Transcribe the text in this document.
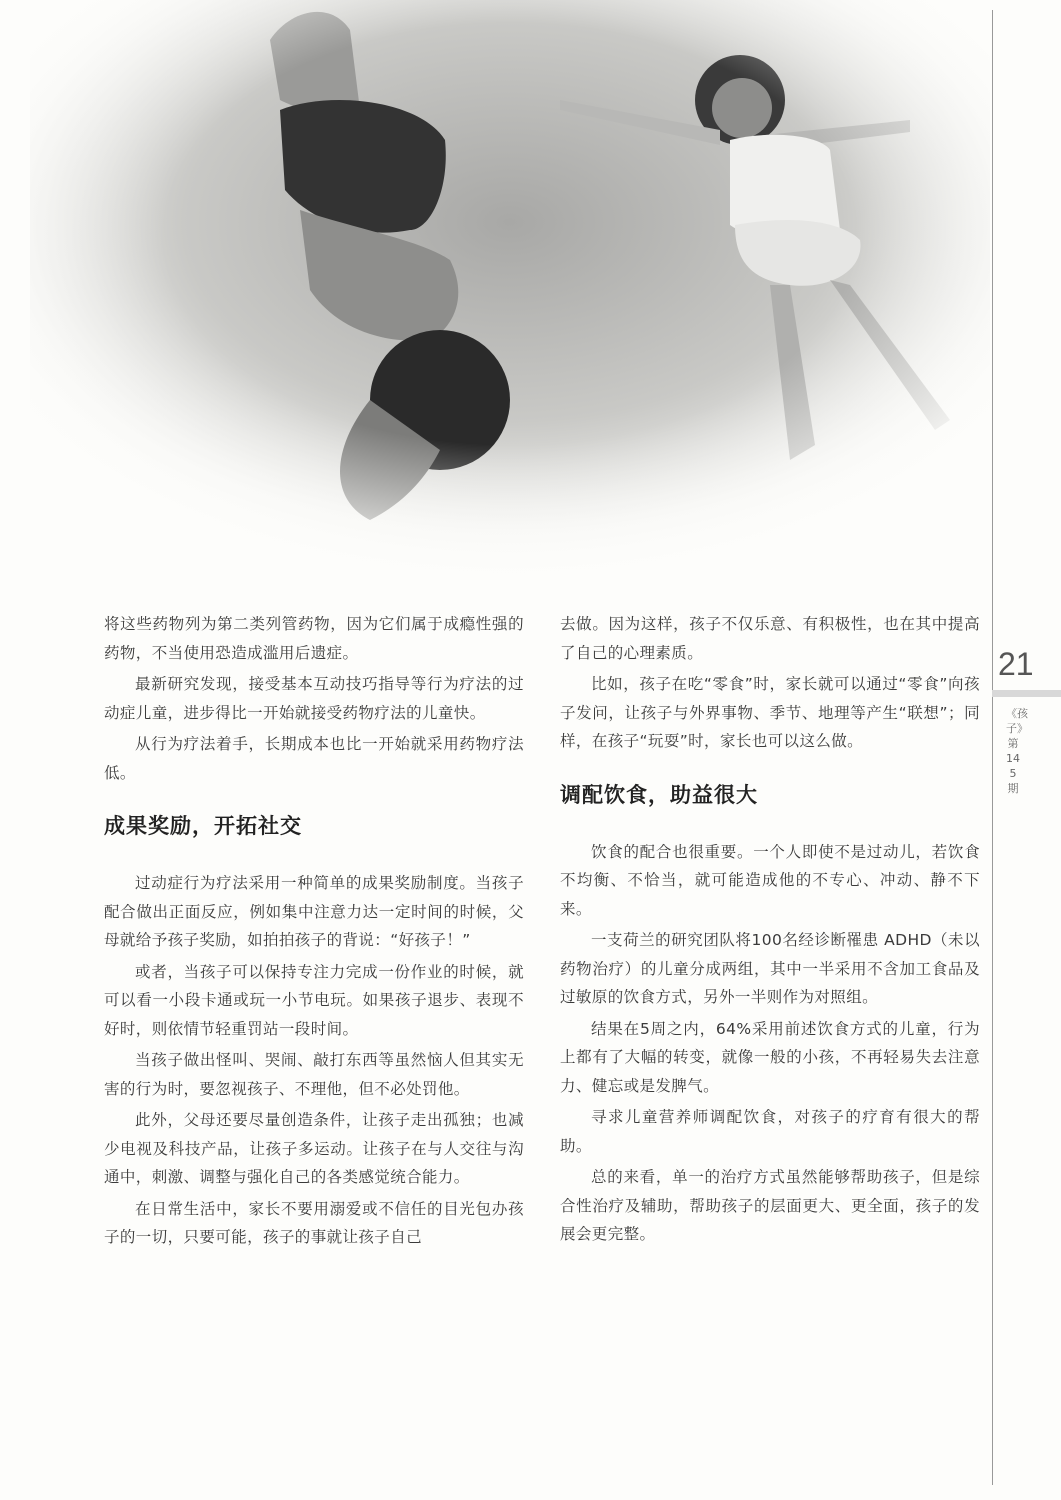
将这些药物列为第二类列管药物，因为它们属于成瘾性强的药物，不当使用恐造成滥用后遗症。

最新研究发现，接受基本互动技巧指导等行为疗法的过动症儿童，进步得比一开始就接受药物疗法的儿童快。

从行为疗法着手，长期成本也比一开始就采用药物疗法低。

成果奖励，开拓社交

过动症行为疗法采用一种简单的成果奖励制度。当孩子配合做出正面反应，例如集中注意力达一定时间的时候，父母就给予孩子奖励，如拍拍孩子的背说：“好孩子！”

或者，当孩子可以保持专注力完成一份作业的时候，就可以看一小段卡通或玩一小节电玩。如果孩子退步、表现不好时，则依情节轻重罚站一段时间。

当孩子做出怪叫、哭闹、敲打东西等虽然恼人但其实无害的行为时，要忽视孩子、不理他，但不必处罚他。

此外，父母还要尽量创造条件，让孩子走出孤独；也减少电视及科技产品，让孩子多运动。让孩子在与人交往与沟通中，刺激、调整与强化自己的各类感觉统合能力。

在日常生活中，家长不要用溺爱或不信任的目光包办孩子的一切，只要可能，孩子的事就让孩子自己

去做。因为这样，孩子不仅乐意、有积极性，也在其中提高了自己的心理素质。

比如，孩子在吃“零食”时，家长就可以通过“零食”向孩子发问，让孩子与外界事物、季节、地理等产生“联想”；同样，在孩子“玩耍”时，家长也可以这么做。

调配饮食，助益很大

饮食的配合也很重要。一个人即使不是过动儿，若饮食不均衡、不恰当，就可能造成他的不专心、冲动、静不下来。

一支荷兰的研究团队将100名经诊断罹患 ADHD（未以药物治疗）的儿童分成两组，其中一半采用不含加工食品及过敏原的饮食方式，另外一半则作为对照组。

结果在5周之内，64%采用前述饮食方式的儿童，行为上都有了大幅的转变，就像一般的小孩，不再轻易失去注意力、健忘或是发脾气。

寻求儿童营养师调配饮食，对孩子的疗育有很大的帮助。

总的来看，单一的治疗方式虽然能够帮助孩子，但是综合性治疗及辅助，帮助孩子的层面更大、更全面，孩子的发展会更完整。

21
《孩子》第145期
